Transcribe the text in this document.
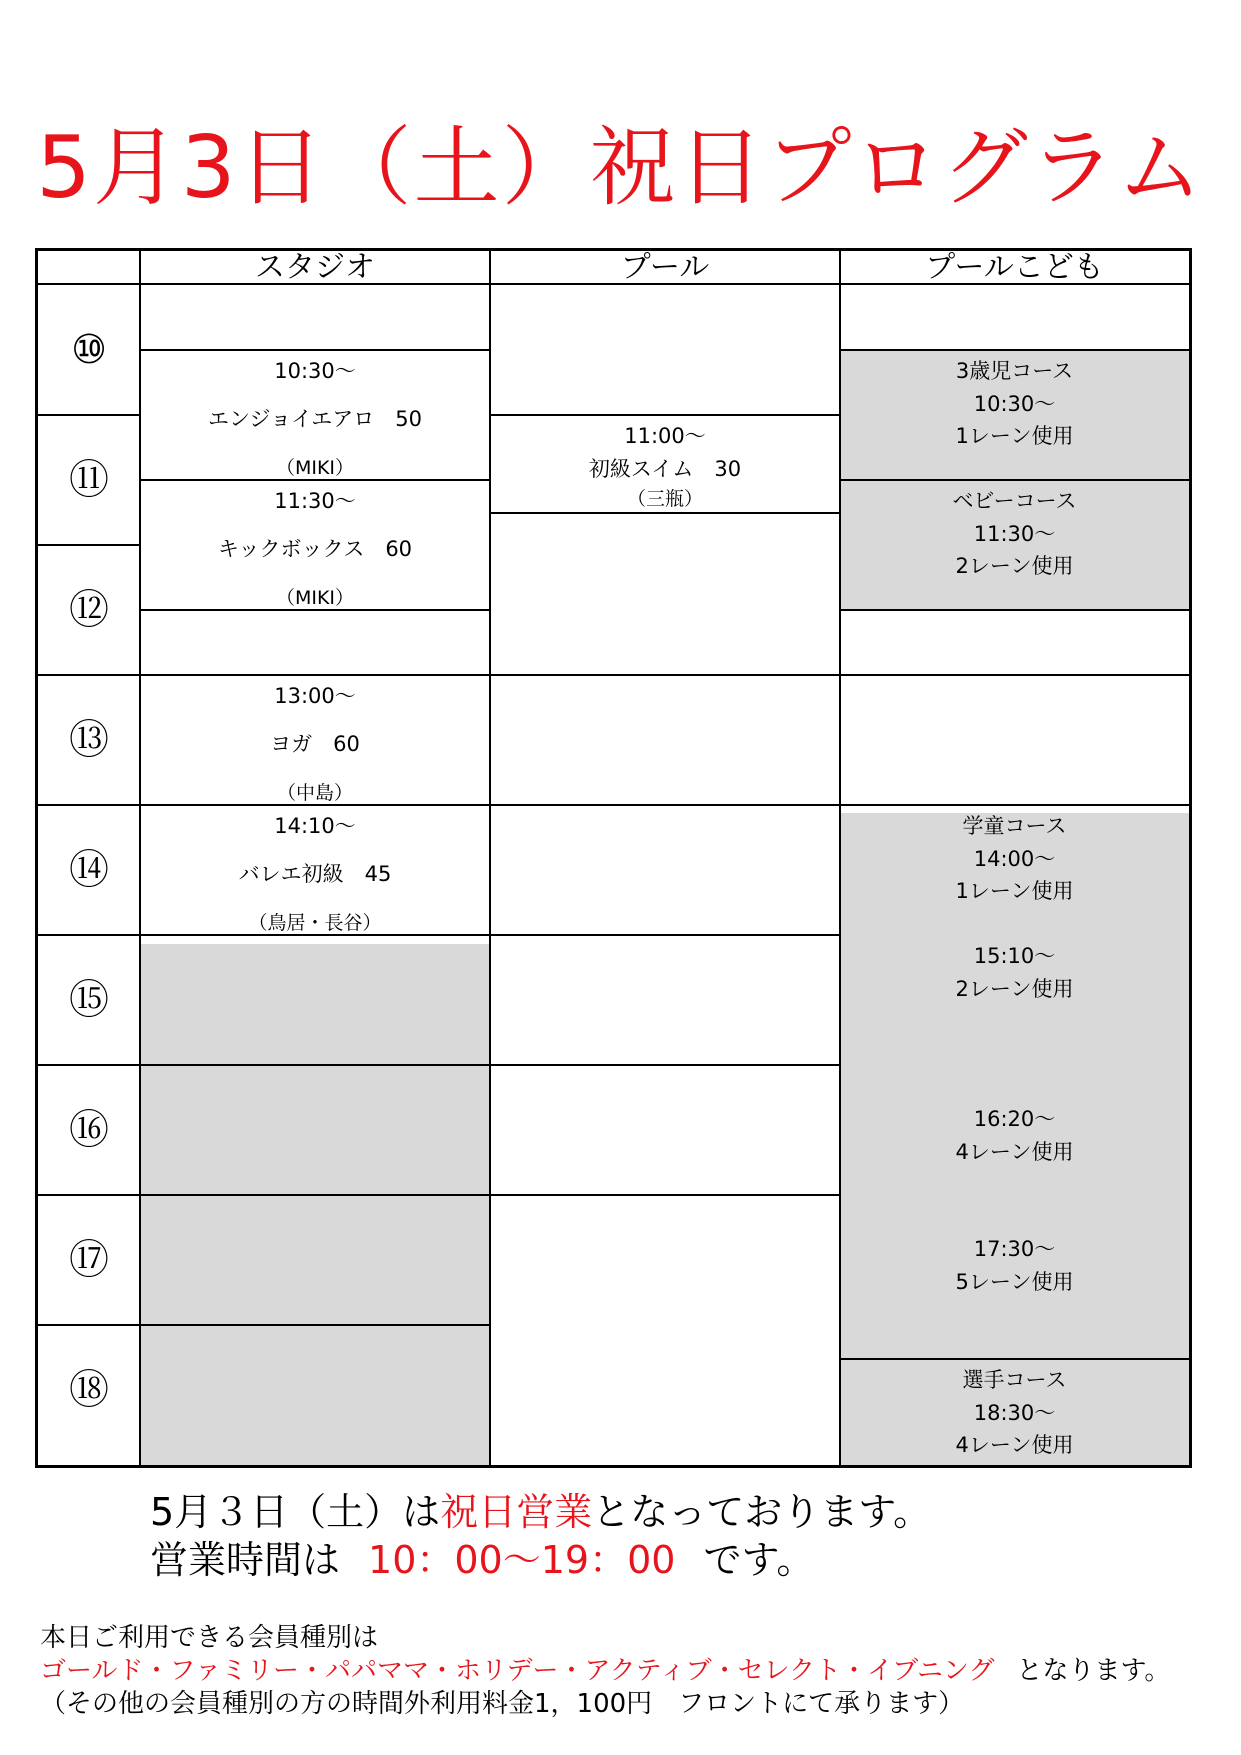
5月3日（土）祝日プログラム
スタジオ	プール	プールこども
⑩
⑪
⑫
⑬
⑭
⑮
⑯
⑰
⑱
10:30～
エンジョイエアロ　50
（MIKI）
11:30～
キックボックス　60
（MIKI）
13:00～
ヨガ　60
（中島）
14:10～
バレエ初級　45
（鳥居・長谷）
11:00～
初級スイム　30
（三瓶）
3歳児コース
10:30～
1レーン使用
ベビーコース
11:30～
2レーン使用
学童コース
14:00～
1レーン使用
15:10～
2レーン使用
16:20～
4レーン使用
17:30～
5レーン使用
選手コース
18:30～
4レーン使用
5月３日（土）は祝日営業となっております。
営業時間は 10：00～19：00 です。
本日ご利用できる会員種別は
ゴールド・ファミリー・パパママ・ホリデー・アクティブ・セレクト・イブニング となります。
（その他の会員種別の方の時間外利用料金1，100円　フロントにて承ります）
